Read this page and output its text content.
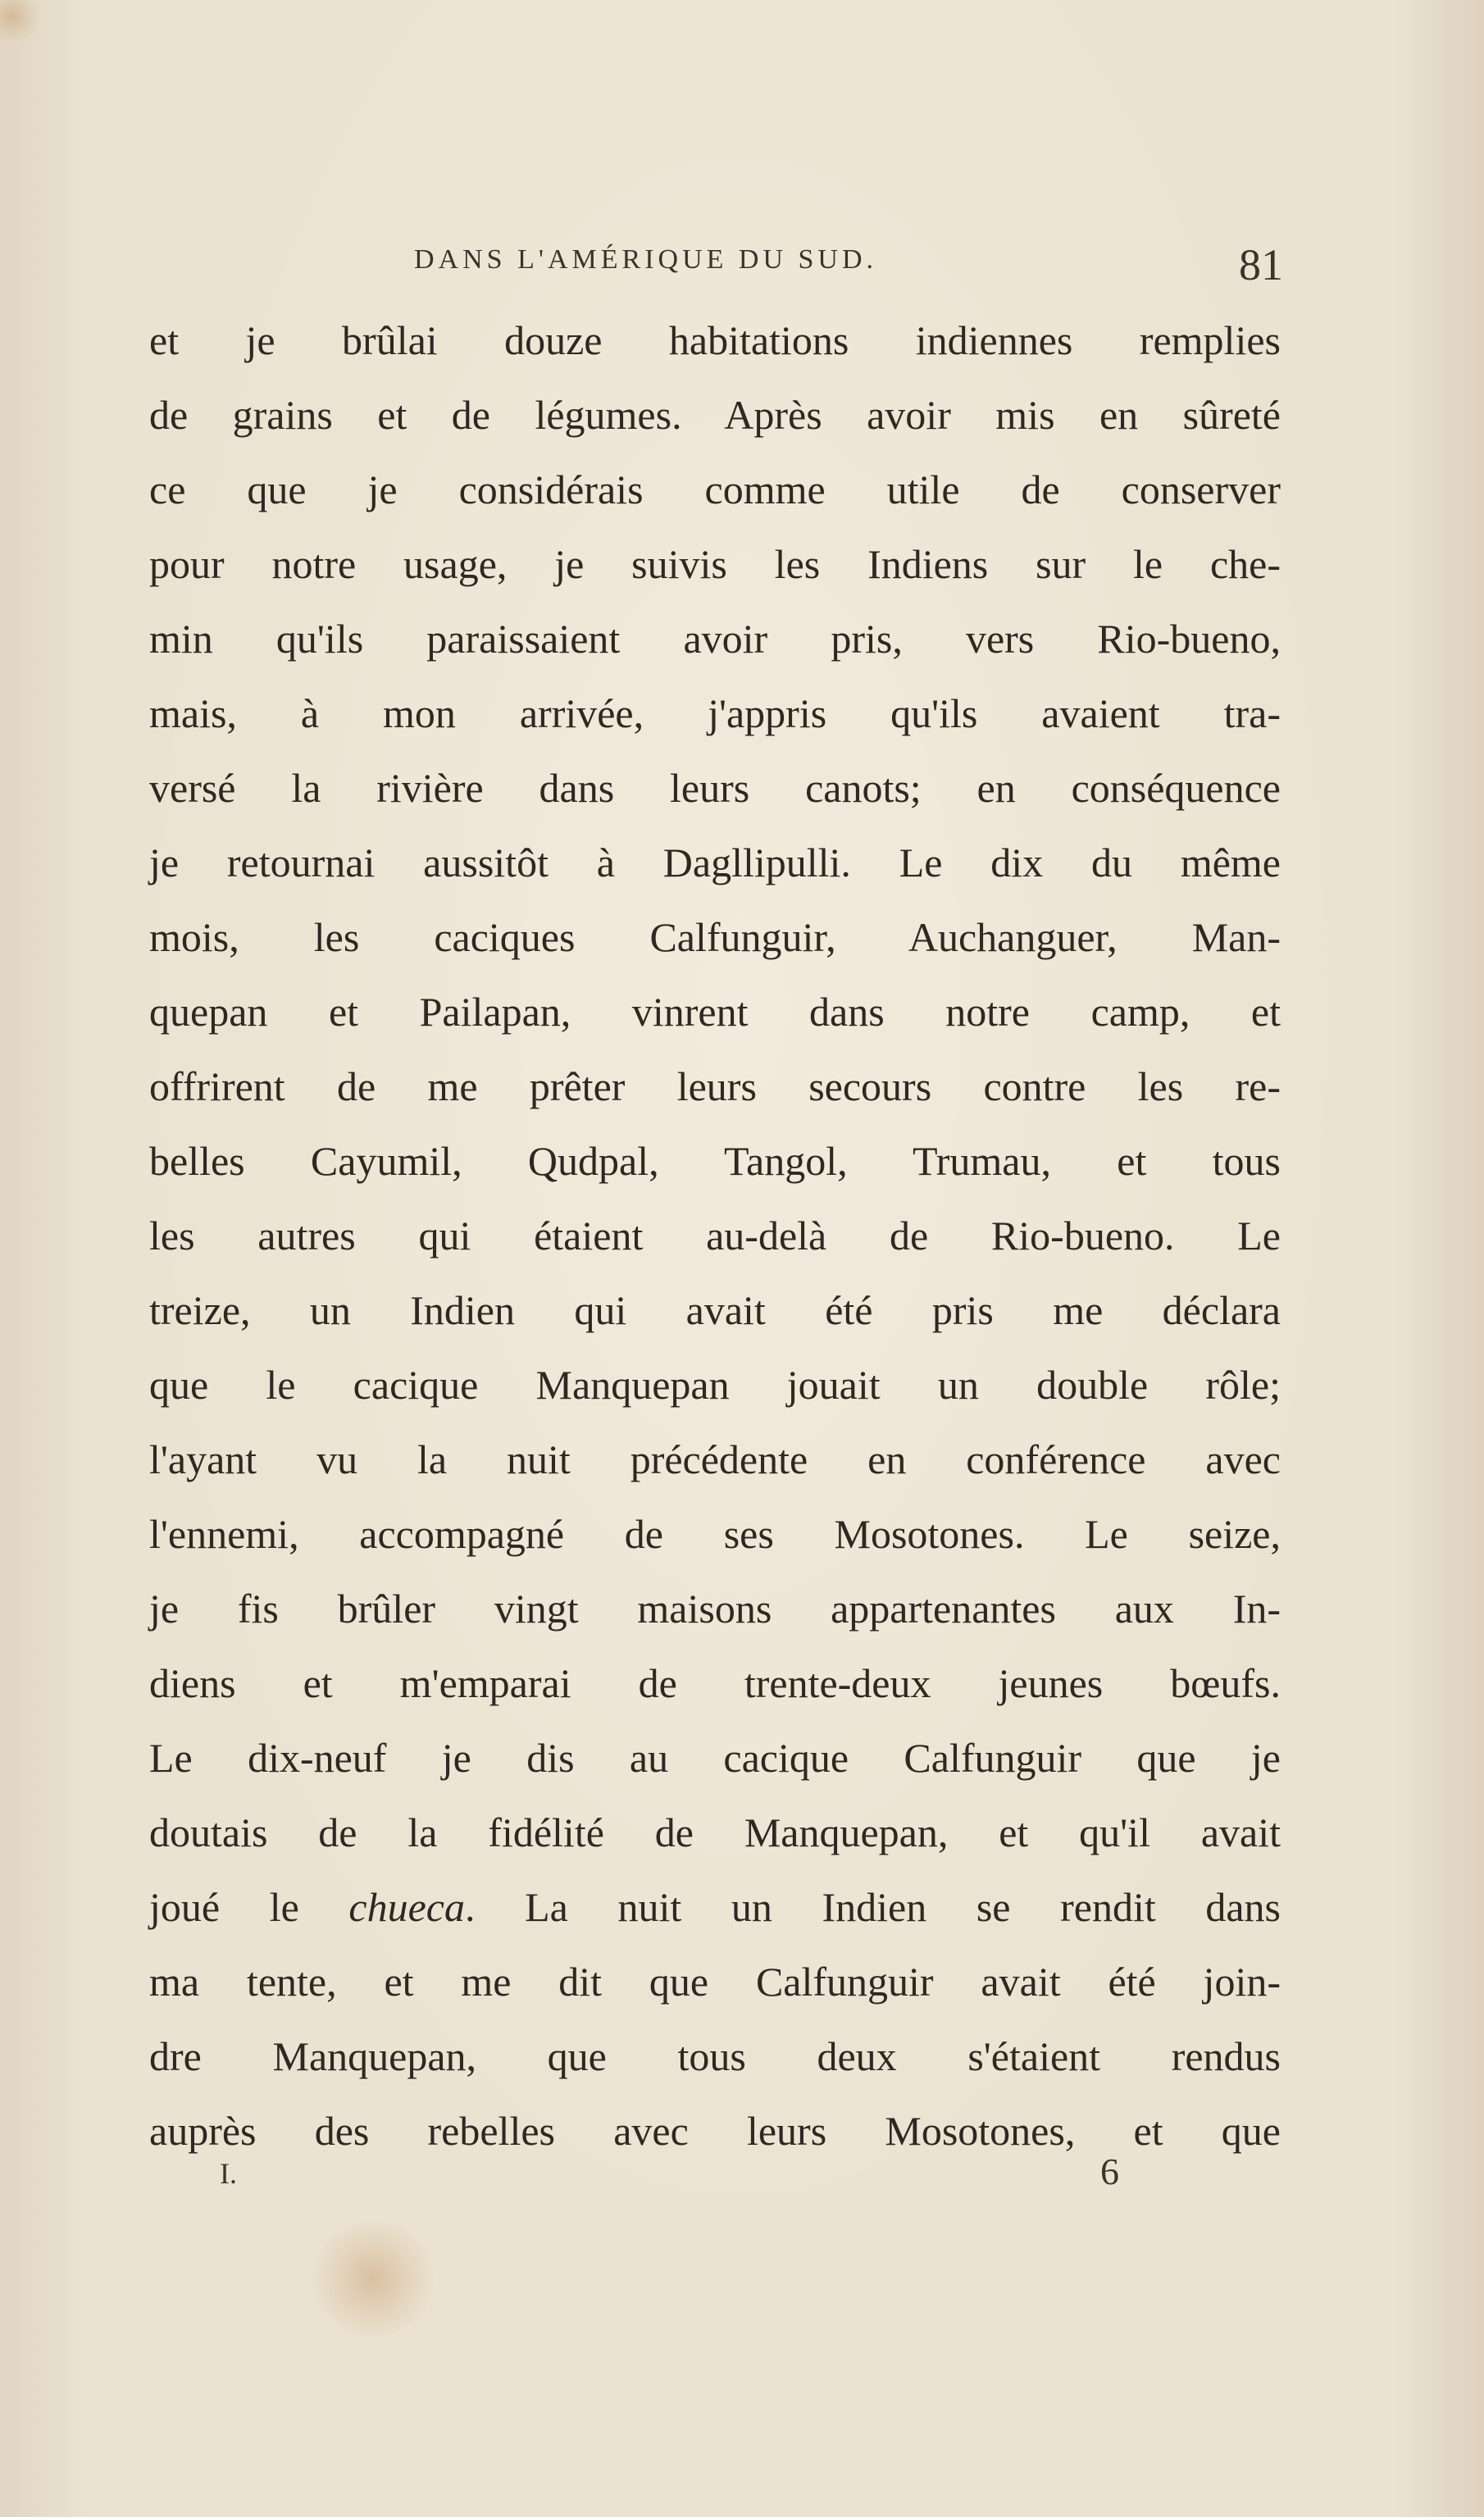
DANS L'AMÉRIQUE DU SUD.	81
et je brûlai douze habitations indiennes remplies
de grains et de légumes. Après avoir mis en sûreté
ce que je considérais comme utile de conserver
pour notre usage, je suivis les Indiens sur le che-
min qu'ils paraissaient avoir pris, vers Rio-bueno,
mais, à mon arrivée, j'appris qu'ils avaient tra-
versé la rivière dans leurs canots; en conséquence
je retournai aussitôt à Dagllipulli. Le dix du même
mois, les caciques Calfunguir, Auchanguer, Man-
quepan et Pailapan, vinrent dans notre camp, et
offrirent de me prêter leurs secours contre les re-
belles Cayumil, Qudpal, Tangol, Trumau, et tous
les autres qui étaient au-delà de Rio-bueno. Le
treize, un Indien qui avait été pris me déclara
que le cacique Manquepan jouait un double rôle;
l'ayant vu la nuit précédente en conférence avec
l'ennemi, accompagné de ses Mosotones. Le seize,
je fis brûler vingt maisons appartenantes aux In-
diens et m'emparai de trente-deux jeunes bœufs.
Le dix-neuf je dis au cacique Calfunguir que je
doutais de la fidélité de Manquepan, et qu'il avait
joué le chueca. La nuit un Indien se rendit dans
ma tente, et me dit que Calfunguir avait été join-
dre Manquepan, que tous deux s'étaient rendus
auprès des rebelles avec leurs Mosotones, et que
I.	6
